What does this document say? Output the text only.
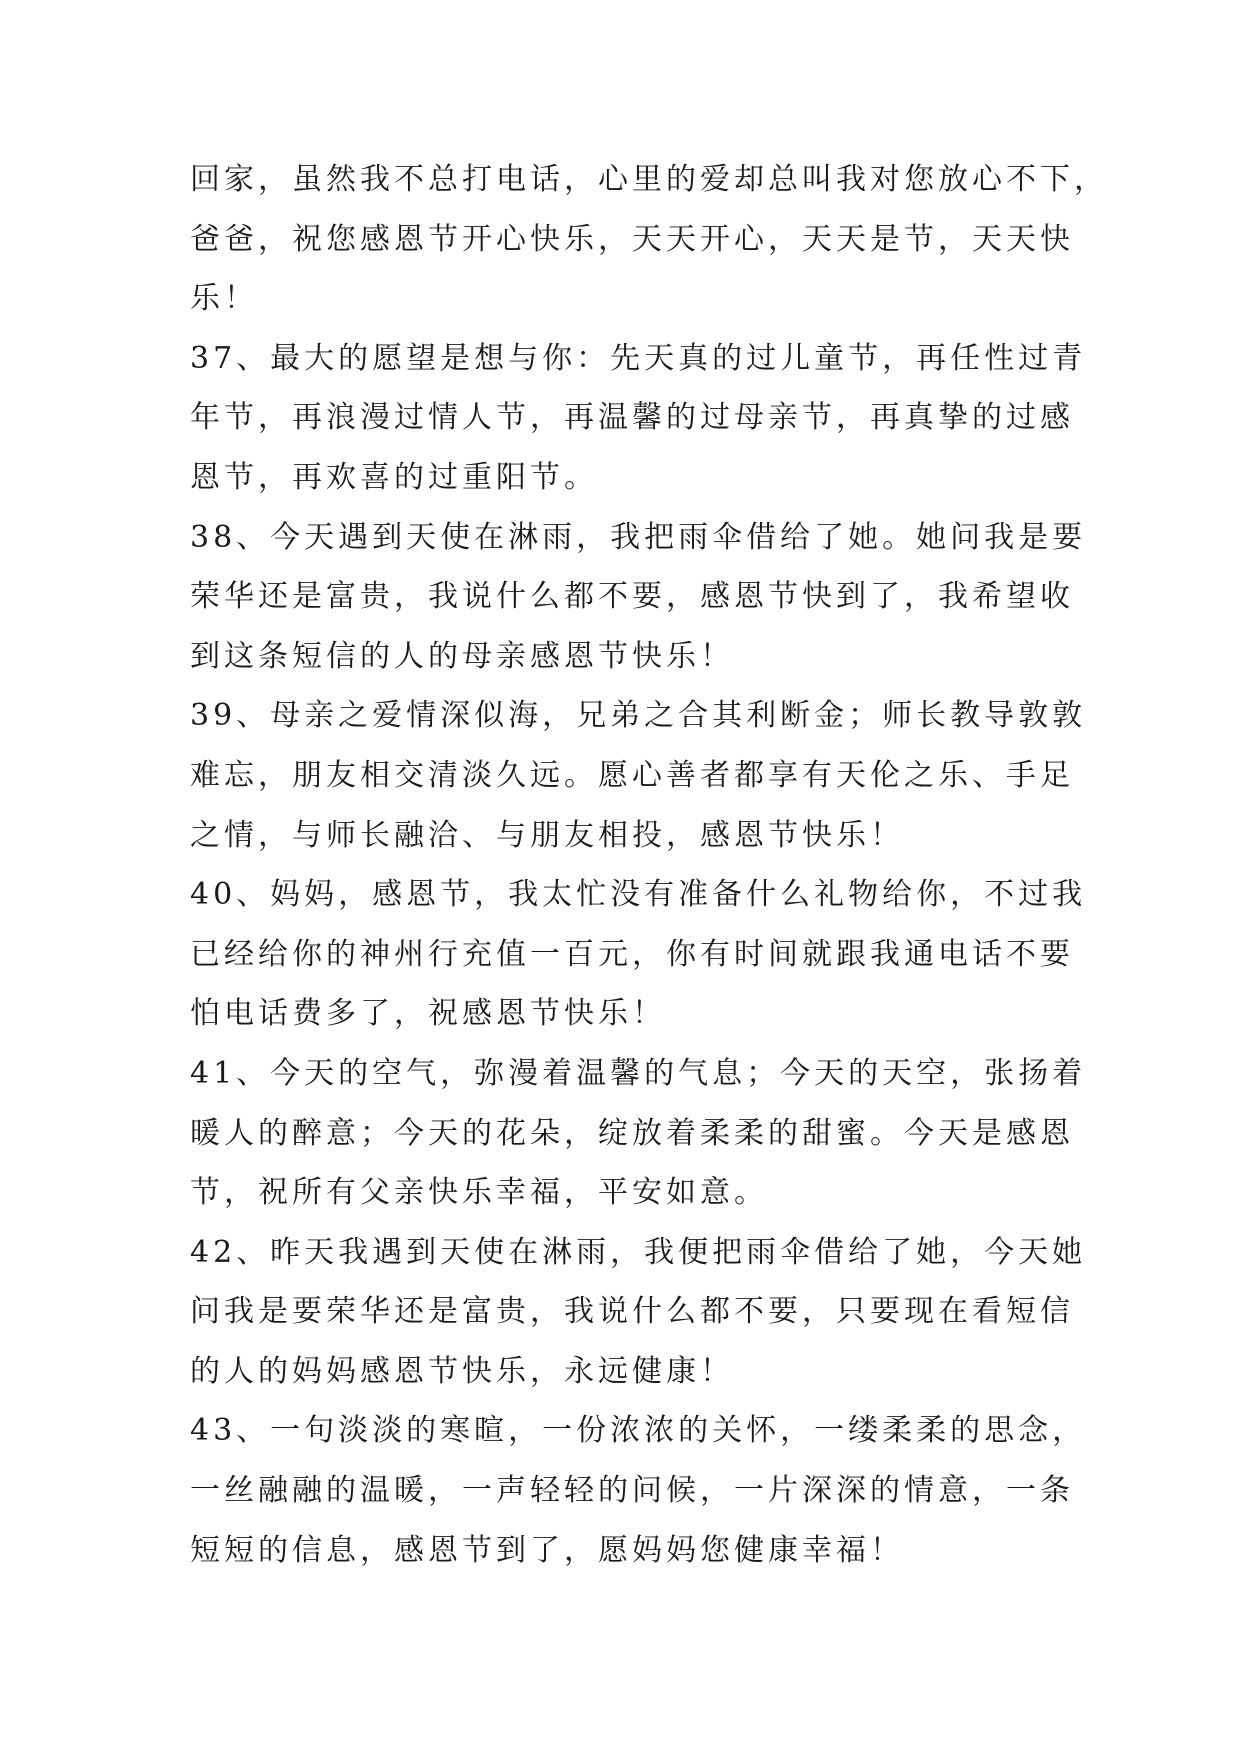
回家，虽然我不总打电话，心里的爱却总叫我对您放心不下，
爸爸，祝您感恩节开心快乐，天天开心，天天是节，天天快
乐！
37、最大的愿望是想与你：先天真的过儿童节，再任性过青
年节，再浪漫过情人节，再温馨的过母亲节，再真挚的过感
恩节，再欢喜的过重阳节。
38、今天遇到天使在淋雨，我把雨伞借给了她。她问我是要
荣华还是富贵，我说什么都不要，感恩节快到了，我希望收
到这条短信的人的母亲感恩节快乐！
39、母亲之爱情深似海，兄弟之合其利断金；师长教导敦敦
难忘，朋友相交清淡久远。愿心善者都享有天伦之乐、手足
之情，与师长融洽、与朋友相投，感恩节快乐！
40、妈妈，感恩节，我太忙没有准备什么礼物给你，不过我
已经给你的神州行充值一百元，你有时间就跟我通电话不要
怕电话费多了，祝感恩节快乐！
41、今天的空气，弥漫着温馨的气息；今天的天空，张扬着
暖人的醉意；今天的花朵，绽放着柔柔的甜蜜。今天是感恩
节，祝所有父亲快乐幸福，平安如意。
42、昨天我遇到天使在淋雨，我便把雨伞借给了她，今天她
问我是要荣华还是富贵，我说什么都不要，只要现在看短信
的人的妈妈感恩节快乐，永远健康！
43、一句淡淡的寒暄，一份浓浓的关怀，一缕柔柔的思念，
一丝融融的温暖，一声轻轻的问候，一片深深的情意，一条
短短的信息，感恩节到了，愿妈妈您健康幸福！
